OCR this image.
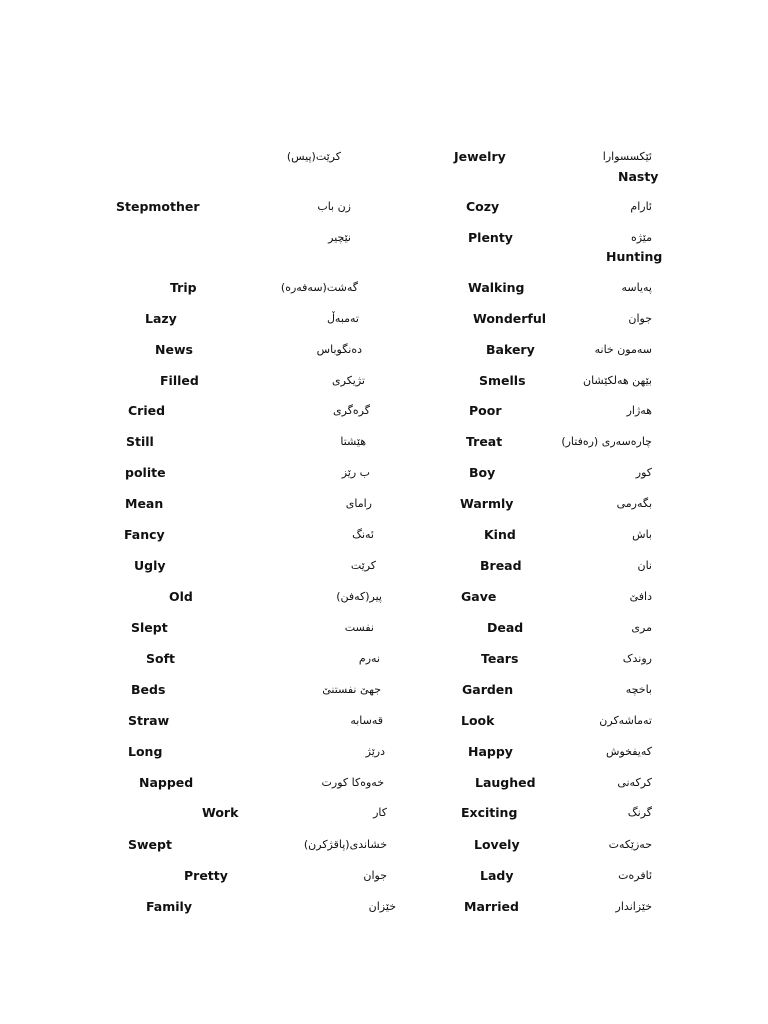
ئێکسسوارا
Jewelry
کرێت(پیس)
Nasty
ئارام
Cozy
زن باب
Stepmother
مێژە
Plenty
نێچیر
Hunting
پەیاسە
Walking
گەشت(سەفەرە)
Trip
جوان
Wonderful
تەمبەڵ
Lazy
سەمون خانە
Bakery
دەنگوباس
News
بێهن هەلکێشان
Smells
تژیکری
Filled
هەژار
Poor
گرەگری
Cried
چارەسەری (رەفتار)
Treat
هێشتا
Still
کور
Boy
ب رێز
polite
بگەرمی
Warmly
رامای
Mean
باش
Kind
ئەنگ
Fancy
نان
Bread
کرێت
Ugly
دافێ
Gave
پیر(کەفن)
Old
مری
Dead
نفست
Slept
روندک
Tears
نەرم
Soft
باخچە
Garden
جهێ نفستنێ
Beds
تەماشەکرن
Look
قەسابە
Straw
کەیفخوش
Happy
درێژ
Long
کرکەنی
Laughed
خەوەکا کورت
Napped
گرنگ
Exciting
کار
Work
حەزێکەت
Lovely
خشاندی(پاقژکرن)
Swept
ئافرەت
Lady
جوان
Pretty
خێزاندار
Married
خێزان
Family
